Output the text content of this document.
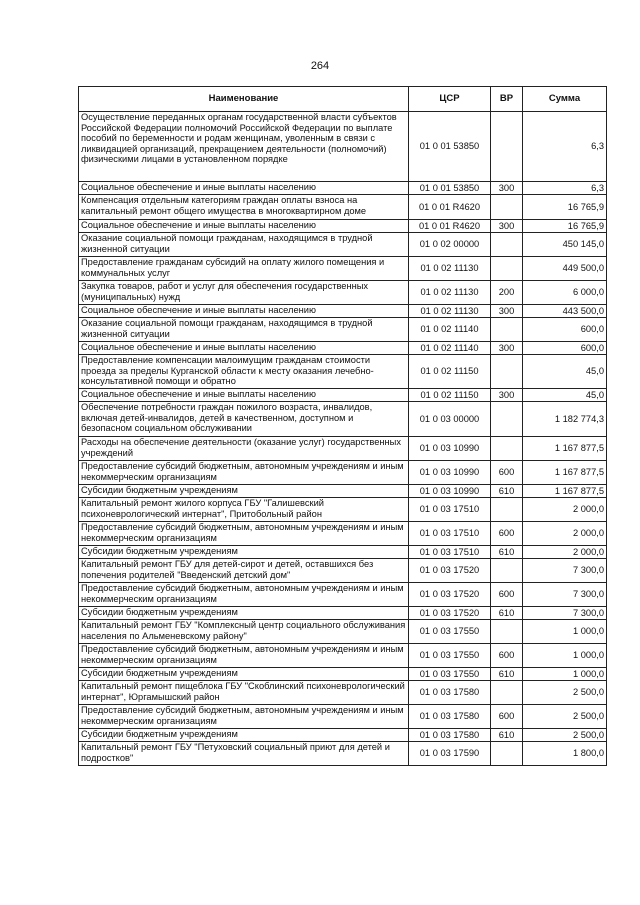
264
Наименование	ЦСР	ВР	Сумма
Осуществление переданных органам государственной власти субъектов Российской Федерации полномочий Российской Федерации по выплате пособий по беременности и родам женщинам, уволенным в связи с ликвидацией организаций, прекращением деятельности (полномочий) физическими лицами в установленном порядке	01 0 01 53850		6,3
Социальное обеспечение и иные выплаты населению	01 0 01 53850	300	6,3
Компенсация отдельным категориям граждан оплаты взноса на капитальный ремонт общего имущества в многоквартирном доме	01 0 01 R4620		16 765,9
Социальное обеспечение и иные выплаты населению	01 0 01 R4620	300	16 765,9
Оказание социальной помощи гражданам, находящимся в трудной жизненной ситуации	01 0 02 00000		450 145,0
Предоставление гражданам субсидий на оплату жилого помещения и коммунальных услуг	01 0 02 11130		449 500,0
Закупка товаров, работ и услуг для обеспечения государственных (муниципальных) нужд	01 0 02 11130	200	6 000,0
Социальное обеспечение и иные выплаты населению	01 0 02 11130	300	443 500,0
Оказание социальной помощи гражданам, находящимся в трудной жизненной ситуации	01 0 02 11140		600,0
Социальное обеспечение и иные выплаты населению	01 0 02 11140	300	600,0
Предоставление компенсации малоимущим гражданам стоимости проезда за пределы Курганской области к месту оказания лечебно-консультативной помощи и обратно	01 0 02 11150		45,0
Социальное обеспечение и иные выплаты населению	01 0 02 11150	300	45,0
Обеспечение потребности граждан пожилого возраста, инвалидов, включая детей-инвалидов, детей в качественном, доступном и безопасном социальном обслуживании	01 0 03 00000		1 182 774,3
Расходы на обеспечение деятельности (оказание услуг) государственных учреждений	01 0 03 10990		1 167 877,5
Предоставление субсидий бюджетным, автономным учреждениям и иным некоммерческим организациям	01 0 03 10990	600	1 167 877,5
Субсидии бюджетным учреждениям	01 0 03 10990	610	1 167 877,5
Капитальный ремонт жилого корпуса ГБУ "Галишевский психоневрологический интернат", Притобольный район	01 0 03 17510		2 000,0
Предоставление субсидий бюджетным, автономным учреждениям и иным некоммерческим организациям	01 0 03 17510	600	2 000,0
Субсидии бюджетным учреждениям	01 0 03 17510	610	2 000,0
Капитальный ремонт ГБУ для детей-сирот и детей, оставшихся без попечения родителей "Введенский детский дом"	01 0 03 17520		7 300,0
Предоставление субсидий бюджетным, автономным учреждениям и иным некоммерческим организациям	01 0 03 17520	600	7 300,0
Субсидии бюджетным учреждениям	01 0 03 17520	610	7 300,0
Капитальный ремонт ГБУ "Комплексный центр социального обслуживания населения по Альменевскому району"	01 0 03 17550		1 000,0
Предоставление субсидий бюджетным, автономным учреждениям и иным некоммерческим организациям	01 0 03 17550	600	1 000,0
Субсидии бюджетным учреждениям	01 0 03 17550	610	1 000,0
Капитальный ремонт пищеблока ГБУ "Скоблинский психоневрологический интернат", Юргамышский район	01 0 03 17580		2 500,0
Предоставление субсидий бюджетным, автономным учреждениям и иным некоммерческим организациям	01 0 03 17580	600	2 500,0
Субсидии бюджетным учреждениям	01 0 03 17580	610	2 500,0
Капитальный ремонт ГБУ "Петуховский социальный приют для детей и подростков"	01 0 03 17590		1 800,0
